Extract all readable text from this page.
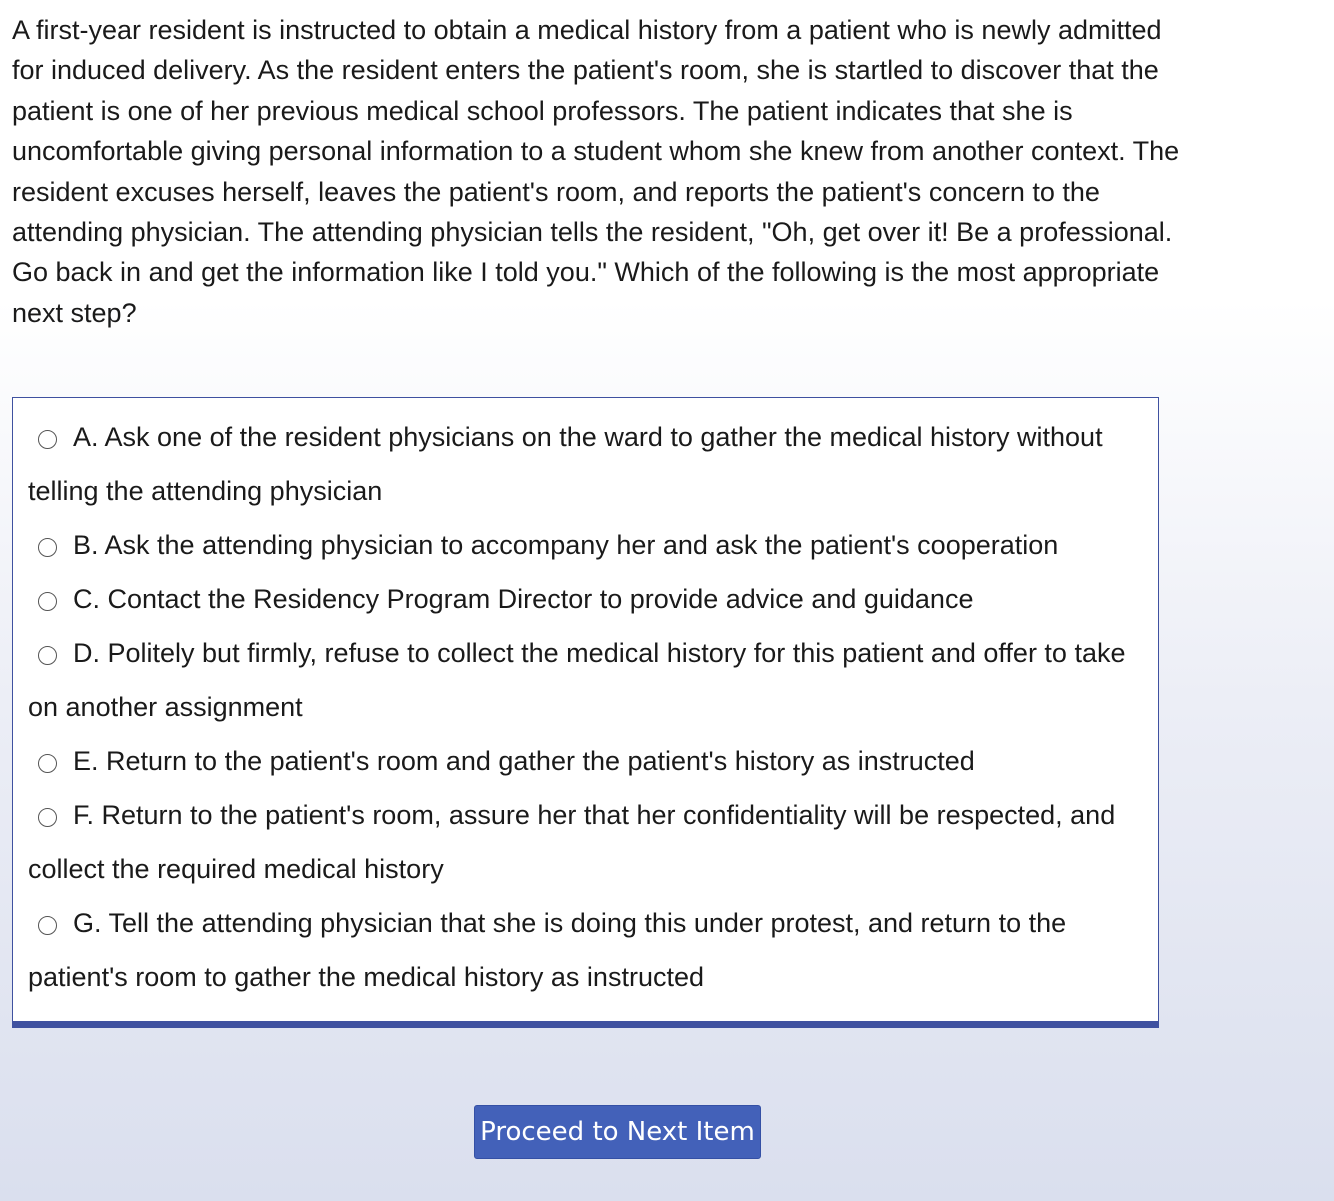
A first-year resident is instructed to obtain a medical history from a patient who is newly admitted for induced delivery. As the resident enters the patient's room, she is startled to discover that the patient is one of her previous medical school professors. The patient indicates that she is uncomfortable giving personal information to a student whom she knew from another context. The resident excuses herself, leaves the patient's room, and reports the patient's concern to the attending physician. The attending physician tells the resident, "Oh, get over it! Be a professional. Go back in and get the information like I told you." Which of the following is the most appropriate next step?

A. Ask one of the resident physicians on the ward to gather the medical history without telling the attending physician
B. Ask the attending physician to accompany her and ask the patient's cooperation
C. Contact the Residency Program Director to provide advice and guidance
D. Politely but firmly, refuse to collect the medical history for this patient and offer to take on another assignment
E. Return to the patient's room and gather the patient's history as instructed
F. Return to the patient's room, assure her that her confidentiality will be respected, and collect the required medical history
G. Tell the attending physician that she is doing this under protest, and return to the patient's room to gather the medical history as instructed
Proceed to Next Item
